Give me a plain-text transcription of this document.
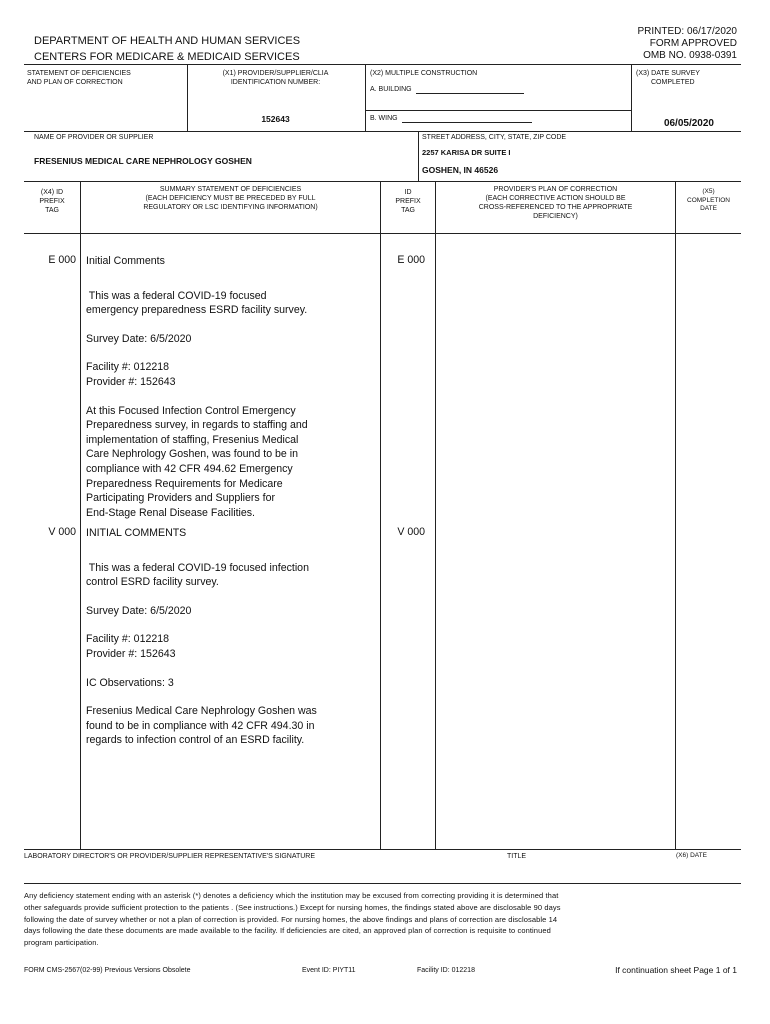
PRINTED: 06/17/2020
FORM APPROVED
OMB NO. 0938-0391
DEPARTMENT OF HEALTH AND HUMAN SERVICES
CENTERS FOR MEDICARE & MEDICAID SERVICES
STATEMENT OF DEFICIENCIES
AND PLAN OF CORRECTION
(X1) PROVIDER/SUPPLIER/CLIA
IDENTIFICATION NUMBER:
152643
(X2) MULTIPLE CONSTRUCTION
A. BUILDING
B. WING
(X3) DATE SURVEY
COMPLETED
06/05/2020
NAME OF PROVIDER OR SUPPLIER
FRESENIUS MEDICAL CARE NEPHROLOGY GOSHEN
STREET ADDRESS, CITY, STATE, ZIP CODE
2257 KARISA DR SUITE I
GOSHEN, IN 46526
(X4) ID
PREFIX
TAG
SUMMARY STATEMENT OF DEFICIENCIES
(EACH DEFICIENCY MUST BE PRECEDED BY FULL
REGULATORY OR LSC IDENTIFYING INFORMATION)
ID
PREFIX
TAG
PROVIDER'S PLAN OF CORRECTION
(EACH CORRECTIVE ACTION SHOULD BE
CROSS-REFERENCED TO THE APPROPRIATE
DEFICIENCY)
(X5)
COMPLETION
DATE
E 000	E 000

Initial Comments

This was a federal COVID-19 focused

emergency preparedness ESRD facility survey.

Survey Date: 6/5/2020

Facility #: 012218

Provider #: 152643

At this Focused Infection Control Emergency

Preparedness survey, in regards to staffing and

implementation of staffing, Fresenius Medical

Care Nephrology Goshen, was found to be in

compliance with 42 CFR 494.62 Emergency

Preparedness Requirements for Medicare

Participating Providers and Suppliers for

End-Stage Renal Disease Facilities.

V 000	V 000

INITIAL COMMENTS

This was a federal COVID-19 focused infection

control ESRD facility survey.

Survey Date: 6/5/2020

Facility #: 012218

Provider #: 152643

IC Observations: 3

Fresenius Medical Care Nephrology Goshen was

found to be in compliance with 42 CFR 494.30 in

regards to infection control of an ESRD facility.

LABORATORY DIRECTOR'S OR PROVIDER/SUPPLIER REPRESENTATIVE'S SIGNATURE	TITLE	(X6) DATE
Any deficiency statement ending with an asterisk (*) denotes a deficiency which the institution may be excused from correcting providing it is determined that
other safeguards provide sufficient protection to the patients . (See instructions.) Except for nursing homes, the findings stated above are disclosable 90 days
following the date of survey whether or not a plan of correction is provided. For nursing homes, the above findings and plans of correction are disclosable 14
days following the date these documents are made available to the facility. If deficiencies are cited, an approved plan of correction is requisite to continued
program participation.
FORM CMS-2567(02-99) Previous Versions Obsolete	Event ID: PIYT11	Facility ID: 012218	If continuation sheet Page 1 of 1
